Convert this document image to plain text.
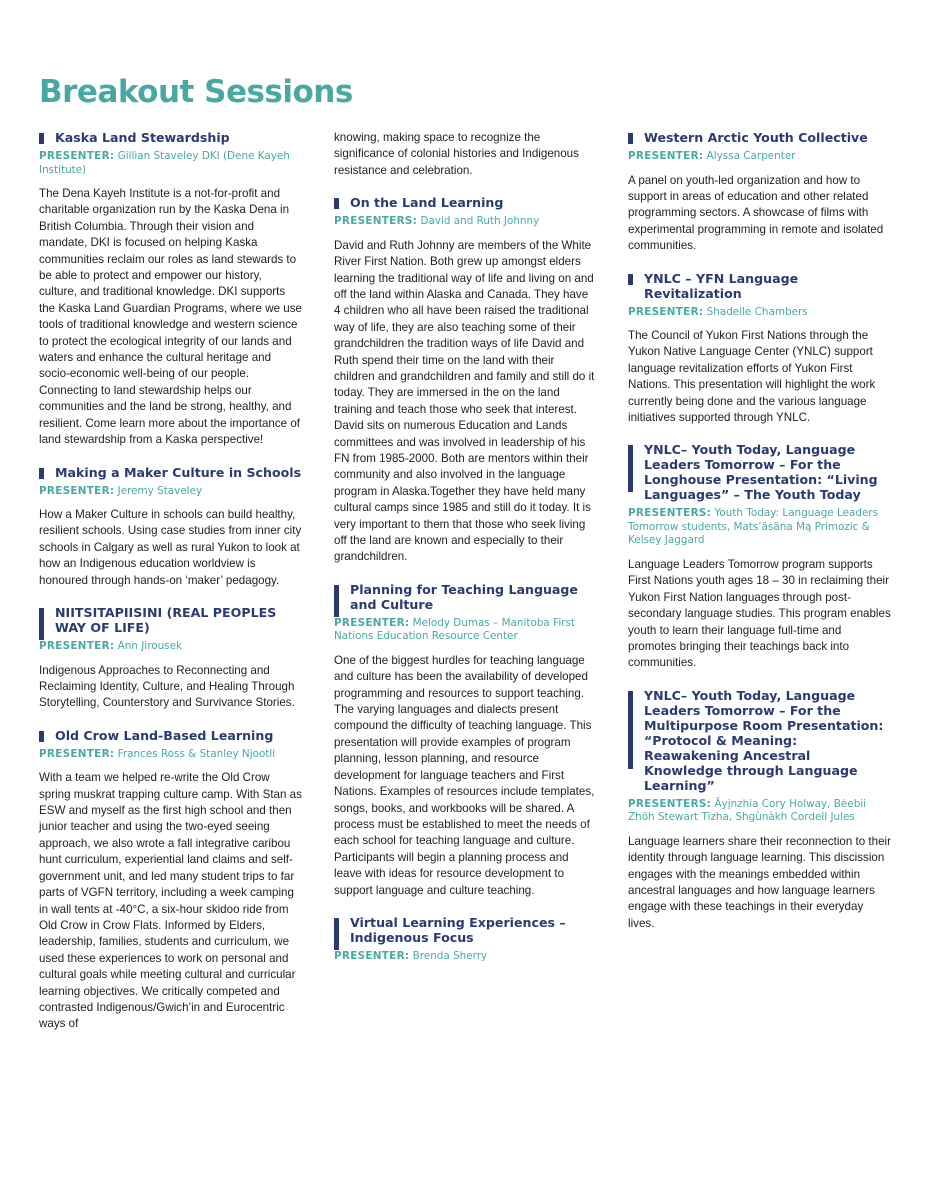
Breakout Sessions
Kaska Land Stewardship
PRESENTER: Gillian Staveley DKI (Dene Kayeh Institute)
The Dena Kayeh Institute is a not-for-profit and charitable organization run by the Kaska Dena in British Columbia. Through their vision and mandate, DKI is focused on helping Kaska communities reclaim our roles as land stewards to be able to protect and empower our history, culture, and traditional knowledge. DKI supports the Kaska Land Guardian Programs, where we use tools of traditional knowledge and western science to protect the ecological integrity of our lands and waters and enhance the cultural heritage and socio-economic well-being of our people. Connecting to land stewardship helps our communities and the land be strong, healthy, and resilient. Come learn more about the importance of land stewardship from a Kaska perspective!
Making a Maker Culture in Schools
PRESENTER: Jeremy Staveley
How a Maker Culture in schools can build healthy, resilient schools. Using case studies from inner city schools in Calgary as well as rural Yukon to look at how an Indigenous education worldview is honoured through hands-on ‘maker’ pedagogy.
NIITSITAPIISINI (REAL PEOPLES WAY OF LIFE)
PRESENTER: Ann Jirousek
Indigenous Approaches to Reconnecting and Reclaiming Identity, Culture, and Healing Through Storytelling, Counterstory and Survivance Stories.
Old Crow Land-Based Learning
PRESENTER: Frances Ross & Stanley Njootli
With a team we helped re-write the Old Crow spring muskrat trapping culture camp. With Stan as ESW and myself as the first high school and then junior teacher and using the two-eyed seeing approach, we also wrote a fall integrative caribou hunt curriculum, experiential land claims and self-government unit, and led many student trips to far parts of VGFN territory, including a week camping in wall tents at -40°C, a six-hour skidoo ride from Old Crow in Crow Flats. Informed by Elders, leadership, families, students and curriculum, we used these experiences to work on personal and cultural goals while meeting cultural and curricular learning objectives. We critically competed and contrasted Indigenous/Gwich’in and Eurocentric ways of
knowing, making space to recognize the significance of colonial histories and Indigenous resistance and celebration.
On the Land Learning
PRESENTERS: David and Ruth Johnny
David and Ruth Johnny are members of the White River First Nation. Both grew up amongst elders learning the traditional way of life and living on and off the land within Alaska and Canada. They have 4 children who all have been raised the traditional way of life, they are also teaching some of their grandchildren the tradition ways of life David and Ruth spend their time on the land with their children and grandchildren and family and still do it today. They are immersed in the on the land training and teach those who seek that interest. David sits on numerous Education and Lands committees and was involved in leadership of his FN from 1985-2000. Both are mentors within their community and also involved in the language program in Alaska.Together they have held many cultural camps since 1985 and still do it today. It is very important to them that those who seek living off the land are known and especially to their grandchildren.
Planning for Teaching Language and Culture
PRESENTER: Melody Dumas – Manitoba First Nations Education Resource Center
One of the biggest hurdles for teaching language and culture has been the availability of developed programming and resources to support teaching. The varying languages and dialects present compound the difficulty of teaching language. This presentation will provide examples of program planning, lesson planning, and resource development for language teachers and First Nations. Examples of resources include templates, songs, books, and workbooks will be shared. A process must be established to meet the needs of each school for teaching language and culture. Participants will begin a planning process and leave with ideas for resource development to support language and culture teaching.
Virtual Learning Experiences – Indigenous Focus
PRESENTER: Brenda Sherry
Western Arctic Youth Collective
PRESENTER: Alyssa Carpenter
A panel on youth-led organization and how to support in areas of education and other related programming sectors. A showcase of films with experimental programming in remote and isolated communities.
YNLC – YFN Language Revitalization
PRESENTER: Shadelle Chambers
The Council of Yukon First Nations through the Yukon Native Language Center (YNLC) support language revitalization efforts of Yukon First Nations. This presentation will highlight the work currently being done and the various language initiatives supported through YNLC.
YNLC– Youth Today, Language Leaders Tomorrow – For the Longhouse Presentation: “Living Languages” – The Youth Today
PRESENTERS: Youth Today: Language Leaders Tomorrow students, Mats’äsäna Mą Primozic & Kelsey Jaggard
Language Leaders Tomorrow program supports First Nations youth ages 18 – 30 in reclaiming their Yukon First Nation languages through post-secondary language studies. This program enables youth to learn their language full-time and promotes bringing their teachings back into communities.
YNLC– Youth Today, Language Leaders Tomorrow – For the Multipurpose Room Presentation: “Protocol & Meaning: Reawakening Ancestral Knowledge through Language Learning”
PRESENTERS: Ȁyįnzhia Cory Holway, Bėebii Zhöh Stewart Tizha, Shgùnàkh Cordell Jules
Language learners share their reconnection to their identity through language learning. This discission engages with the meanings embedded within ancestral languages and how language learners engage with these teachings in their everyday lives.
